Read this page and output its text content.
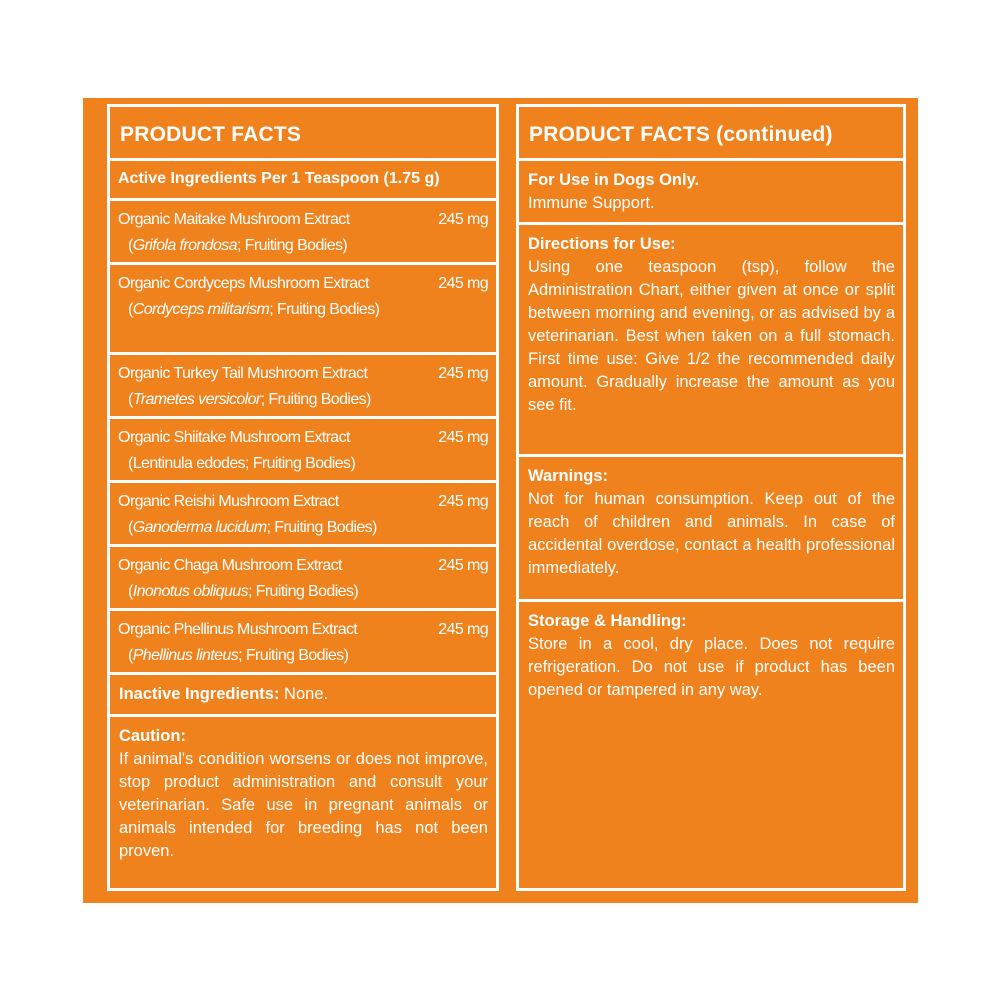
PRODUCT FACTS
Active Ingredients Per 1 Teaspoon (1.75 g)
Organic Maitake Mushroom Extract	245 mg
(Grifola frondosa; Fruiting Bodies)
Organic Cordyceps Mushroom Extract	245 mg
(Cordyceps militarism; Fruiting Bodies)
Organic Turkey Tail Mushroom Extract	245 mg
(Trametes versicolor; Fruiting Bodies)
Organic Shiitake Mushroom Extract	245 mg
(Lentinula edodes; Fruiting Bodies)
Organic Reishi Mushroom Extract	245 mg
(Ganoderma lucidum; Fruiting Bodies)
Organic Chaga Mushroom Extract	245 mg
(Inonotus obliquus; Fruiting Bodies)
Organic Phellinus Mushroom Extract	245 mg
(Phellinus linteus; Fruiting Bodies)
Inactive Ingredients: None.
Caution:
If animal's condition worsens or does not improve, stop product administration and consult your veterinarian. Safe use in pregnant animals or animals intended for breeding has not been proven.
PRODUCT FACTS (continued)
For Use in Dogs Only.
Immune Support.
Directions for Use:
Using one teaspoon (tsp), follow the Administration Chart, either given at once or split between morning and evening, or as advised by a veterinarian. Best when taken on a full stomach. First time use: Give 1/2 the recommended daily amount. Gradually increase the amount as you see fit.
Warnings:
Not for human consumption. Keep out of the reach of children and animals. In case of accidental overdose, contact a health professional immediately.
Storage & Handling:
Store in a cool, dry place. Does not require refrigeration. Do not use if product has been opened or tampered in any way.
